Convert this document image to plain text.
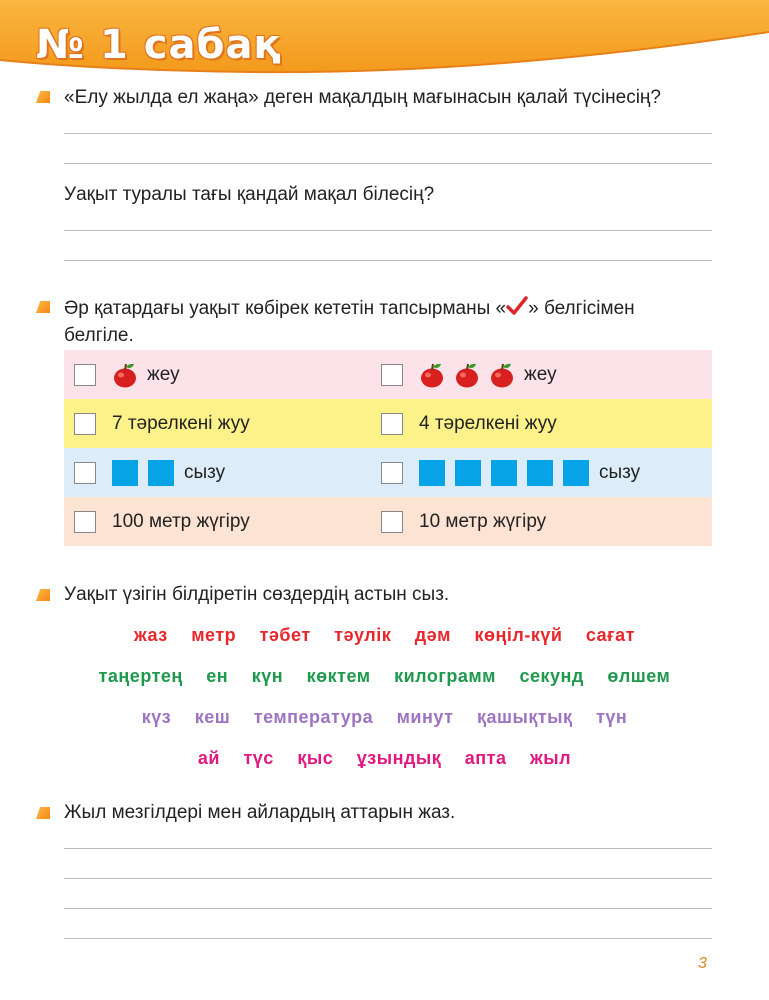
№ 1 сабақ
«Елу жылда ел жаңа» деген мақалдың мағынасын қалай түсінесің?
Уақыт туралы тағы қандай мақал білесің?
Әр қатардағы уақыт көбірек кететін тапсырманы « » белгісімен
белгіле.
жеу	жеу
7 тәрелкені жуу	4 тәрелкені жуу
сызу	сызу
100 метр жүгіру	10 метр жүгіру
Уақыт үзігін білдіретін сөздердің астын сыз.
жаз метр тәбет тәулік дәм көңіл-күй сағат
таңертең ен күн көктем килограмм секунд өлшем
күз кеш температура минут қашықтық түн
ай түс қыс ұзындық апта жыл
Жыл мезгілдері мен айлардың аттарын жаз.
3
